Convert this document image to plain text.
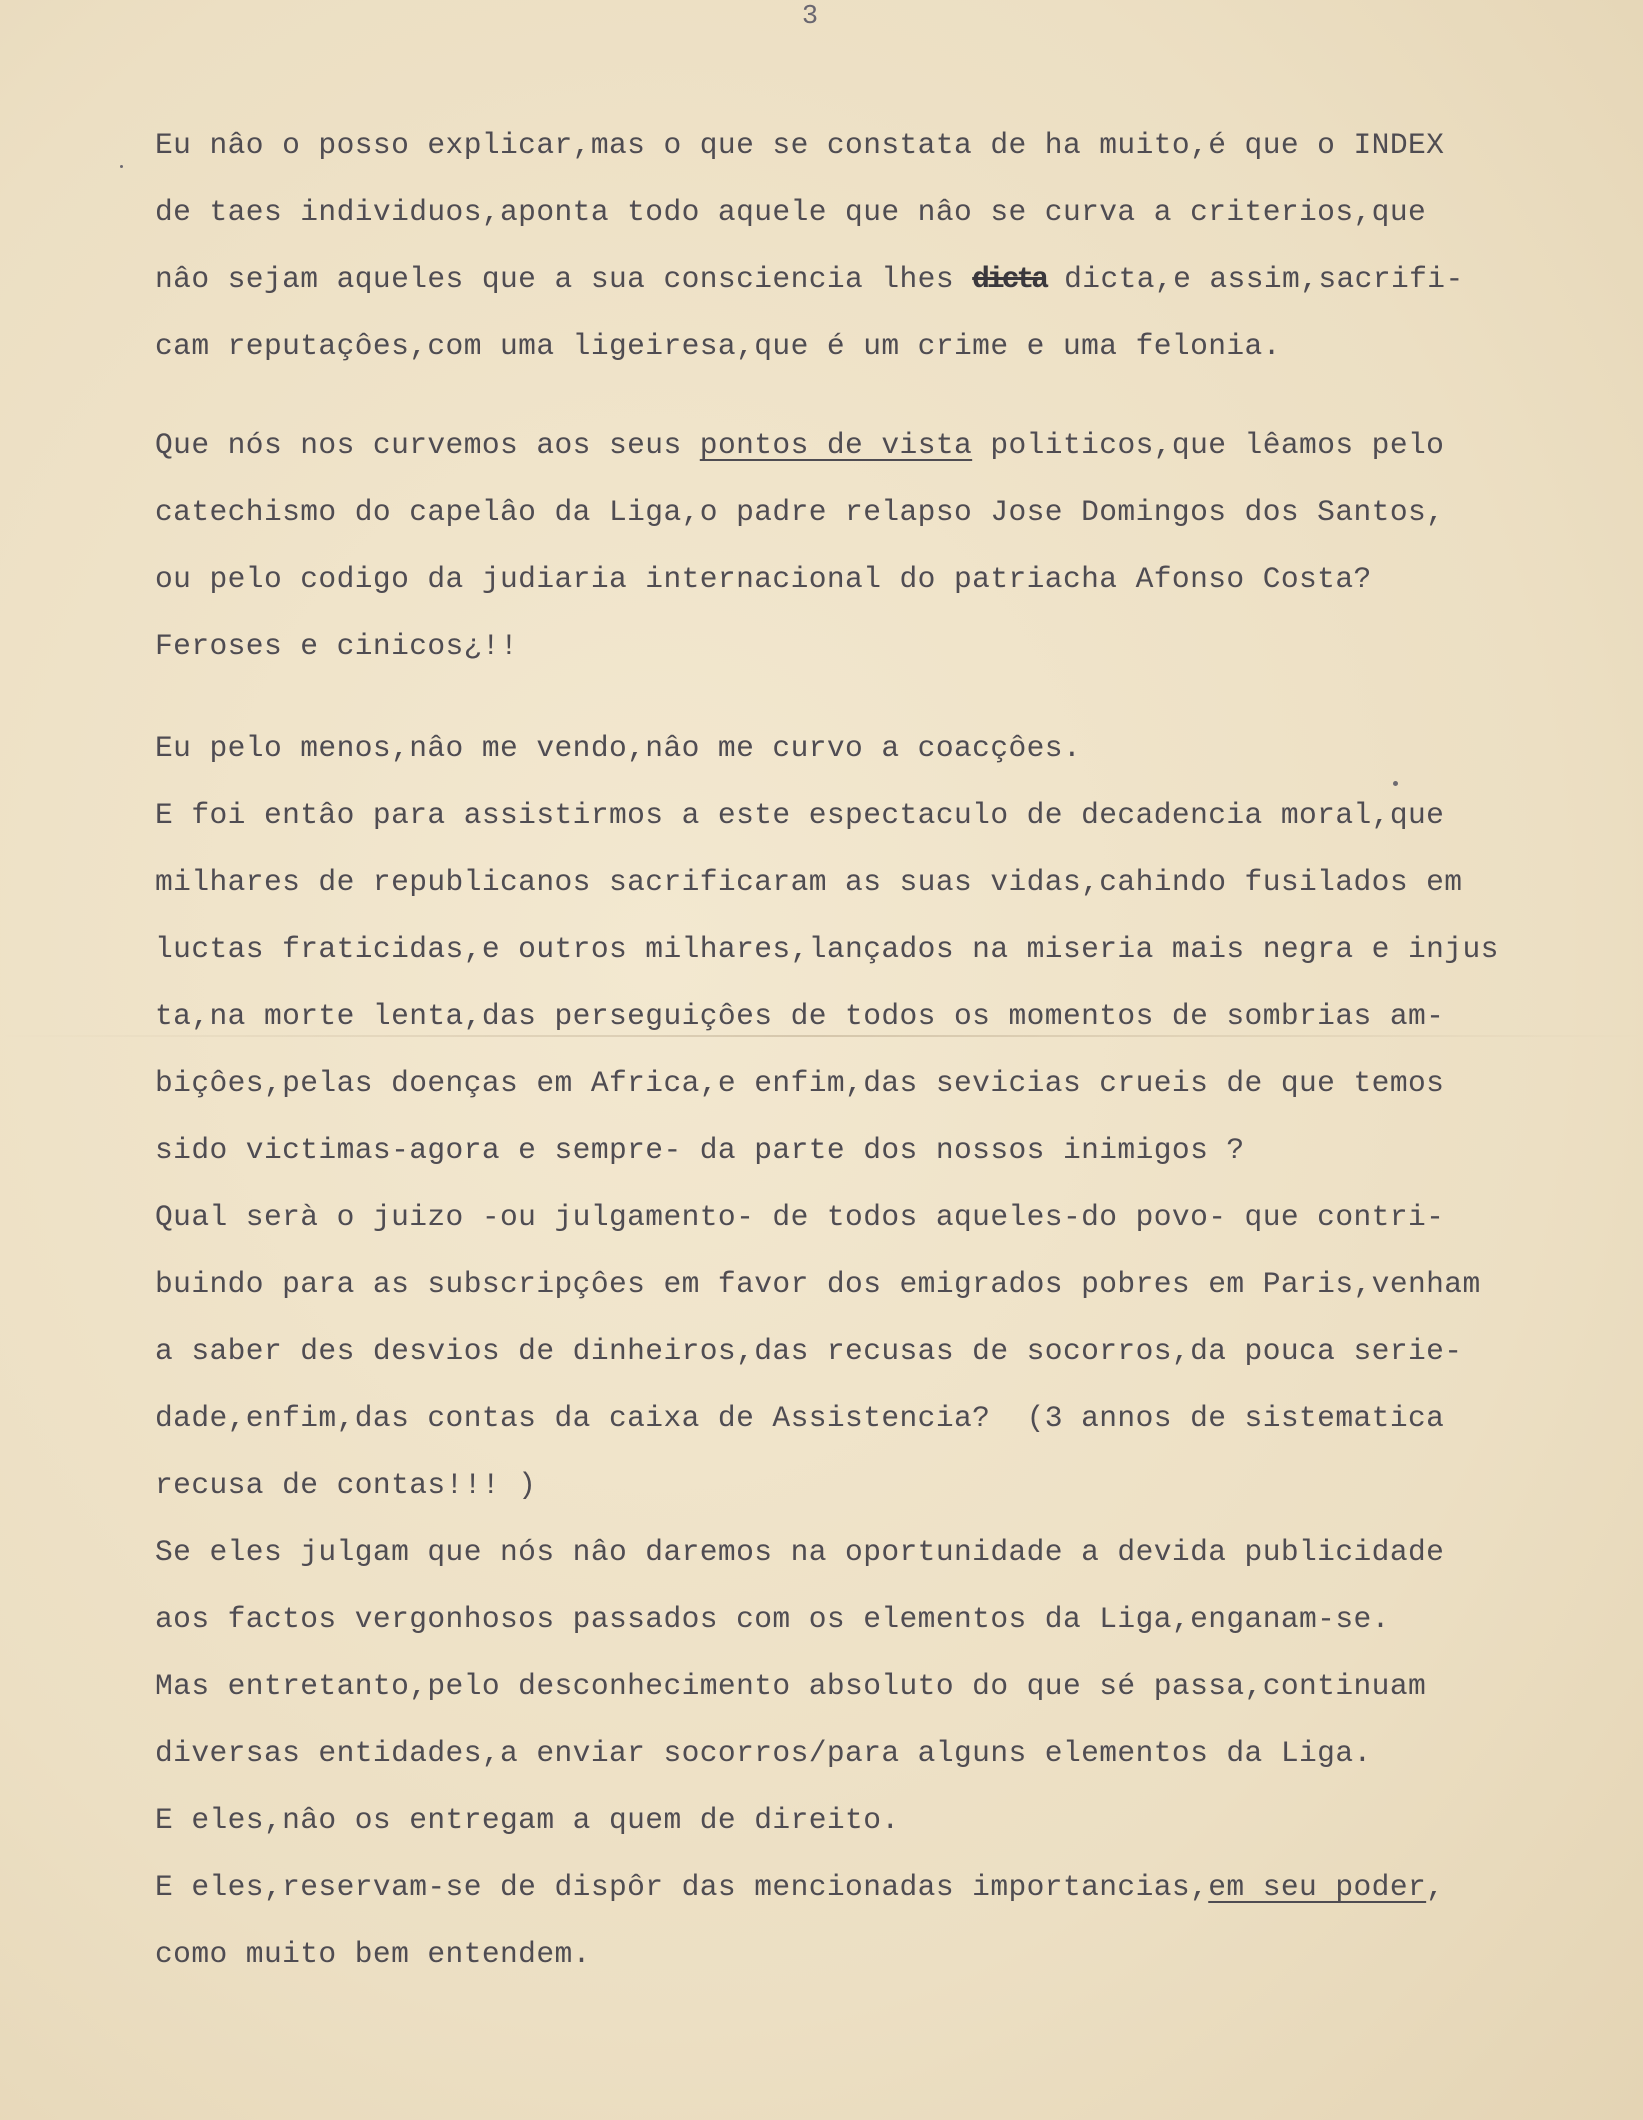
3
Eu nâo o posso explicar,mas o que se constata de ha muito,é que o INDEX
de taes individuos,aponta todo aquele que nâo se curva a criterios,que
nâo sejam aqueles que a sua consciencia lhes dicta dicta,e assim,sacrifi-
cam reputaçôes,com uma ligeiresa,que é um crime e uma felonia.
Que nós nos curvemos aos seus pontos de vista politicos,que lêamos pelo
catechismo do capelâo da Liga,o padre relapso Jose Domingos dos Santos,
ou pelo codigo da judiaria internacional do patriacha Afonso Costa?
Feroses e cinicos¿!!
Eu pelo menos,nâo me vendo,nâo me curvo a coacçôes.
E foi entâo para assistirmos a este espectaculo de decadencia moral,que
milhares de republicanos sacrificaram as suas vidas,cahindo fusilados em
luctas fraticidas,e outros milhares,lançados na miseria mais negra e injus
ta,na morte lenta,das perseguiçôes de todos os momentos de sombrias am-
biçôes,pelas doenças em Africa,e enfim,das sevicias crueis de que temos
sido victimas-agora e sempre- da parte dos nossos inimigos ?
Qual serà o juizo -ou julgamento- de todos aqueles-do povo- que contri-
buindo para as subscripçôes em favor dos emigrados pobres em Paris,venham
a saber des desvios de dinheiros,das recusas de socorros,da pouca serie-
dade,enfim,das contas da caixa de Assistencia?  (3 annos de sistematica
recusa de contas!!! )
Se eles julgam que nós nâo daremos na oportunidade a devida publicidade
aos factos vergonhosos passados com os elementos da Liga,enganam-se.
Mas entretanto,pelo desconhecimento absoluto do que sé passa,continuam
diversas entidades,a enviar socorros/para alguns elementos da Liga.
E eles,nâo os entregam a quem de direito.
E eles,reservam-se de dispôr das mencionadas importancias,em seu poder,
como muito bem entendem.
